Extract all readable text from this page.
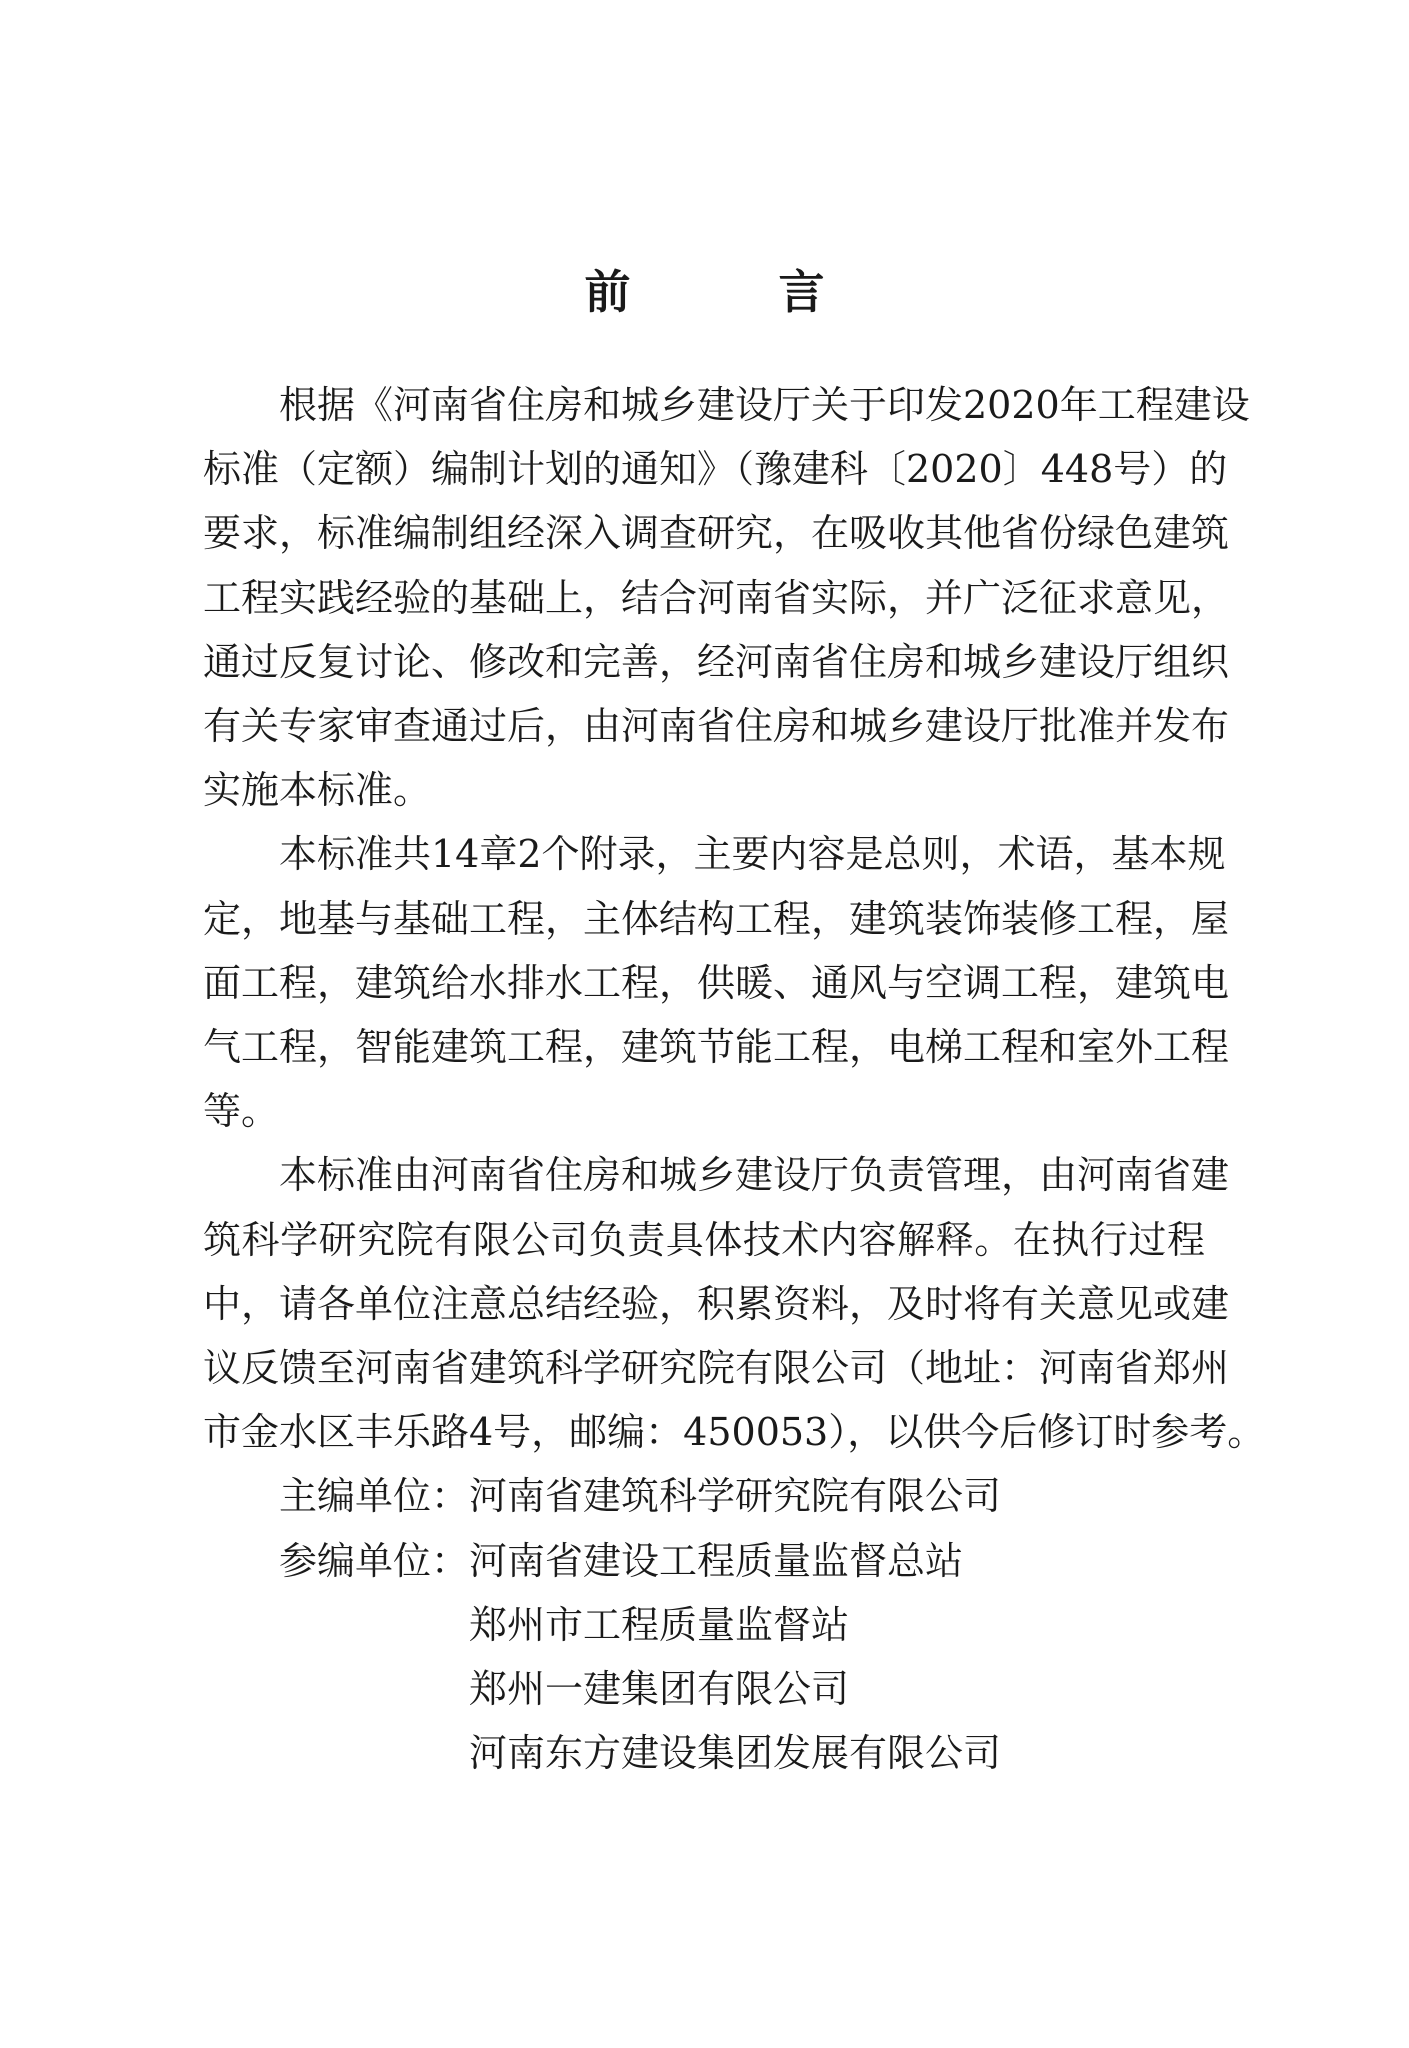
前 言
根据《河南省住房和城乡建设厅关于印发2020年工程建设
标准（定额）编制计划的通知》（豫建科〔2020〕448号）的
要求，标准编制组经深入调查研究，在吸收其他省份绿色建筑
工程实践经验的基础上，结合河南省实际，并广泛征求意见，
通过反复讨论、修改和完善，经河南省住房和城乡建设厅组织
有关专家审查通过后，由河南省住房和城乡建设厅批准并发布
实施本标准。
本标准共14章2个附录，主要内容是总则，术语，基本规
定，地基与基础工程，主体结构工程，建筑装饰装修工程，屋
面工程，建筑给水排水工程，供暖、通风与空调工程，建筑电
气工程，智能建筑工程，建筑节能工程，电梯工程和室外工程
等。
本标准由河南省住房和城乡建设厅负责管理，由河南省建
筑科学研究院有限公司负责具体技术内容解释。在执行过程
中，请各单位注意总结经验，积累资料，及时将有关意见或建
议反馈至河南省建筑科学研究院有限公司（地址：河南省郑州
市金水区丰乐路4号，邮编：450053），以供今后修订时参考。
主编单位：河南省建筑科学研究院有限公司
参编单位：河南省建设工程质量监督总站
郑州市工程质量监督站
郑州一建集团有限公司
河南东方建设集团发展有限公司
